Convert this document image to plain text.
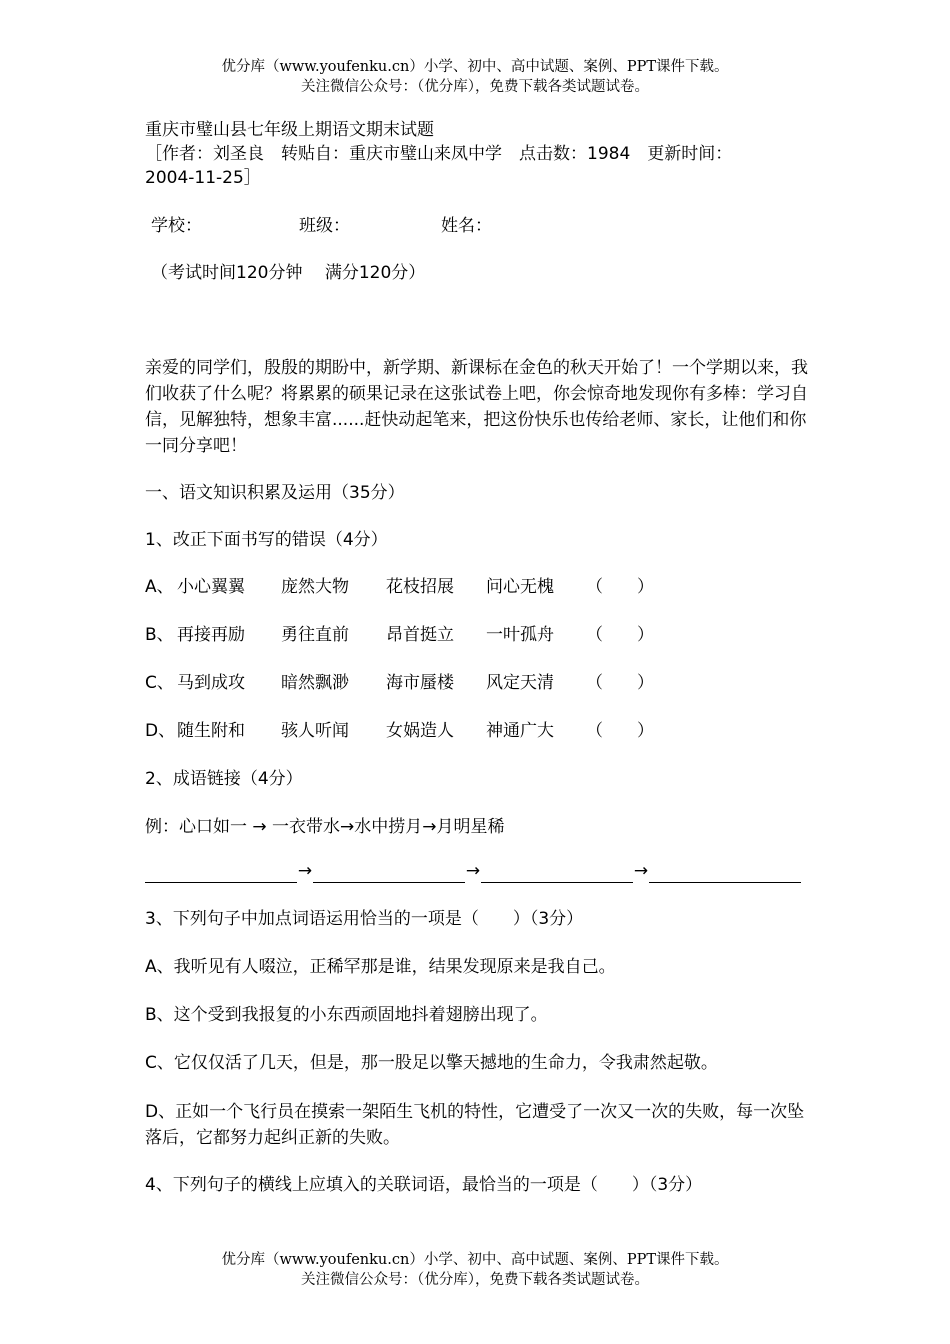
优分库（www.youfenku.cn）小学、初中、高中试题、案例、PPT课件下载。
关注微信公众号：（优分库），免费下载各类试题试卷。

重庆市璧山县七年级上期语文期末试题

［作者：刘圣良　转贴自：重庆市璧山来凤中学　点击数：1984　更新时间：

2004-11-25］

学校：	班级：	姓名：

（考试时间120分钟　 满分120分）

亲爱的同学们，殷殷的期盼中，新学期、新课标在金色的秋天开始了！一个学期以来，我们收获了什么呢？将累累的硕果记录在这张试卷上吧，你会惊奇地发现你有多棒：学习自信，见解独特，想象丰富......赶快动起笔来，把这份快乐也传给老师、家长，让他们和你一同分享吧！

一、语文知识积累及运用（35分）

1、改正下面书写的错误（4分）

A、 小心翼翼	庞然大物	花枝招展	问心无槐	（　　）
B、 再接再励	勇往直前	昂首挺立	一叶孤舟	（　　）
C、 马到成攻	暗然飘渺	海市蜃楼	风定天清	（　　）
D、 随生附和	骇人听闻	女娲造人	神通广大	（　　）

2、成语链接（4分）

例：心口如一 → 一衣带水→水中捞月→月明星稀

→	→	→

3、下列句子中加点词语运用恰当的一项是（　　）（3分）

A、我听见有人啜泣，正稀罕那是谁，结果发现原来是我自己。

B、这个受到我报复的小东西顽固地抖着翅膀出现了。

C、它仅仅活了几天，但是，那一股足以擎天撼地的生命力，令我肃然起敬。

D、正如一个飞行员在摸索一架陌生飞机的特性，它遭受了一次又一次的失败，每一次坠落后，它都努力起纠正新的失败。

4、下列句子的横线上应填入的关联词语，最恰当的一项是（　　）（3分）

优分库（www.youfenku.cn）小学、初中、高中试题、案例、PPT课件下载。
关注微信公众号：（优分库），免费下载各类试题试卷。
